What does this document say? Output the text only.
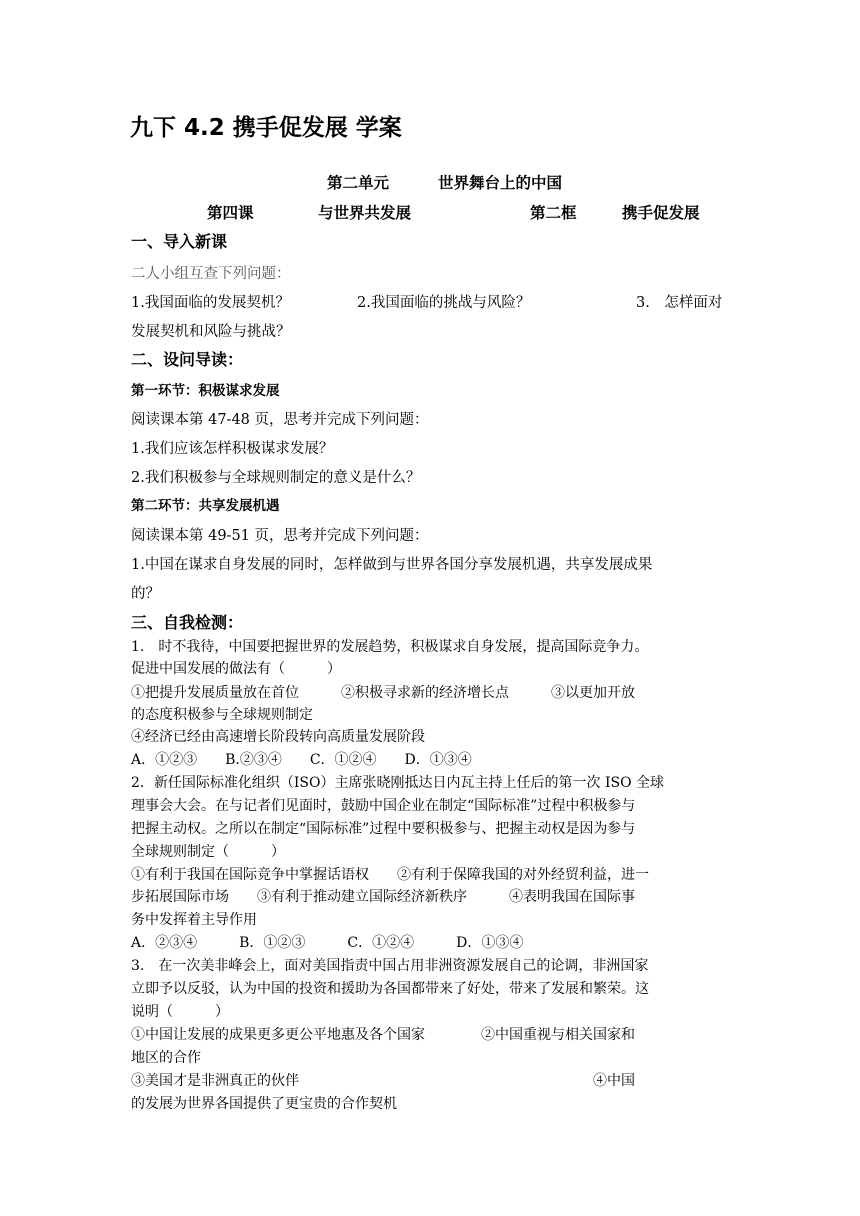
九下 4.2 携手促发展 学案
第二单元	世界舞台上的中国
第四课	与世界共发展	第二框	携手促发展
一、导入新课
二人小组互查下列问题：
1.我国面临的发展契机？	2.我国面临的挑战与风险？	3.　怎样面对
发展契机和风险与挑战？
二、设问导读：
第一环节：积极谋求发展
阅读课本第 47-48 页，思考并完成下列问题：
1.我们应该怎样积极谋求发展？
2.我们积极参与全球规则制定的意义是什么？
第二环节：共享发展机遇
阅读课本第 49-51 页，思考并完成下列问题：
1.中国在谋求自身发展的同时，怎样做到与世界各国分享发展机遇，共享发展成果
的？
三、自我检测：
1.　时不我待，中国要把握世界的发展趋势，积极谋求自身发展，提高国际竞争力。
促进中国发展的做法有（　　　）
①把提升发展质量放在首位　　　②积极寻求新的经济增长点　　　③以更加开放
的态度积极参与全球规则制定
④经济已经由高速增长阶段转向高质量发展阶段
A．①②③　　B.②③④　　C．①②④　　D．①③④
2．新任国际标准化组织（ISO）主席张晓刚抵达日内瓦主持上任后的第一次 ISO 全球
理事会大会。在与记者们见面时，鼓励中国企业在制定“国际标准”过程中积极参与
把握主动权。之所以在制定“国际标准”过程中要积极参与、把握主动权是因为参与
全球规则制定（　　　）
①有利于我国在国际竞争中掌握话语权　　②有利于保障我国的对外经贸利益，进一
步拓展国际市场　　③有利于推动建立国际经济新秩序　　　④表明我国在国际事
务中发挥着主导作用
A．②③④　　　B．①②③　　　C．①②④　　　D．①③④
3.　在一次美非峰会上，面对美国指责中国占用非洲资源发展自己的论调，非洲国家
立即予以反驳，认为中国的投资和援助为各国都带来了好处，带来了发展和繁荣。这
说明（　　　）
①中国让发展的成果更多更公平地惠及各个国家　　　　②中国重视与相关国家和
地区的合作
③美国才是非洲真正的伙伴　　　　　　　　　　　　　　　　　　　　　④中国
的发展为世界各国提供了更宝贵的合作契机
